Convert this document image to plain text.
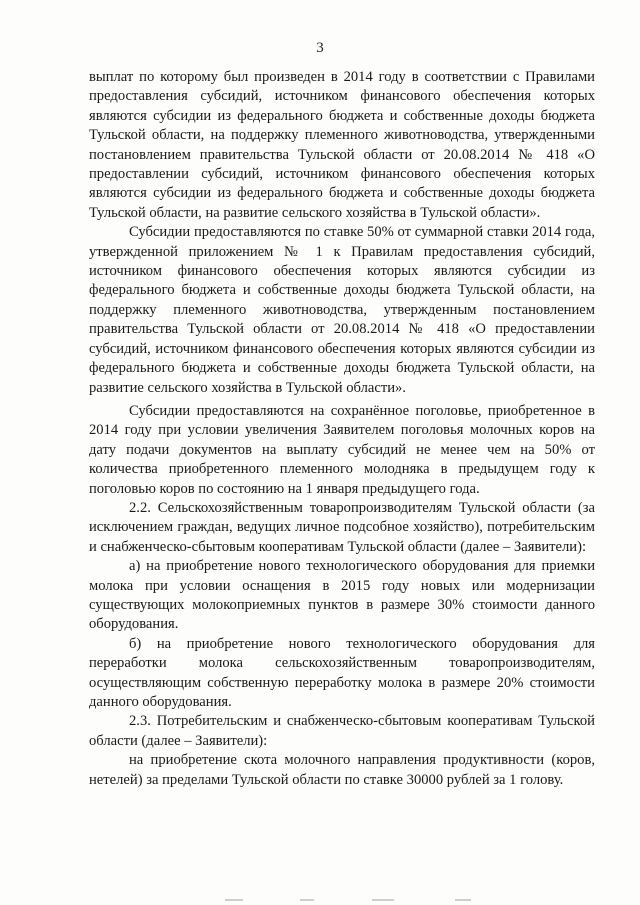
3

выплат по которому был произведен в 2014 году в соответствии с Правилами предоставления субсидий, источником финансового обеспечения которых являются субсидии из федерального бюджета и собственные доходы бюджета Тульской области, на поддержку племенного животноводства, утвержденными постановлением правительства Тульской области от 20.08.2014 № 418 «О предоставлении субсидий, источником финансового обеспечения которых являются субсидии из федерального бюджета и собственные доходы бюджета Тульской области, на развитие сельского хозяйства в Тульской области».

Субсидии предоставляются по ставке 50% от суммарной ставки 2014 года, утвержденной приложением № 1 к Правилам предоставления субсидий, источником финансового обеспечения которых являются субсидии из федерального бюджета и собственные доходы бюджета Тульской области, на поддержку племенного животноводства, утвержденным постановлением правительства Тульской области от 20.08.2014 № 418 «О предоставлении субсидий, источником финансового обеспечения которых являются субсидии из федерального бюджета и собственные доходы бюджета Тульской области, на развитие сельского хозяйства в Тульской области».

Субсидии предоставляются на сохранённое поголовье, приобретенное в 2014 году при условии увеличения Заявителем поголовья молочных коров на дату подачи документов на выплату субсидий не менее чем на 50% от количества приобретенного племенного молодняка в предыдущем году к поголовью коров по состоянию на 1 января предыдущего года.

2.2. Сельскохозяйственным товаропроизводителям Тульской области (за исключением граждан, ведущих личное подсобное хозяйство), потребительским и снабженческо-сбытовым кооперативам Тульской области (далее – Заявители):

а) на приобретение нового технологического оборудования для приемки молока при условии оснащения в 2015 году новых или модернизации существующих молокоприемных пунктов в размере 30% стоимости данного оборудования.

б) на приобретение нового технологического оборудования для переработки молока сельскохозяйственным товаропроизводителям, осуществляющим собственную переработку молока в размере 20% стоимости данного оборудования.

2.3. Потребительским и снабженческо-сбытовым кооперативам Тульской области (далее – Заявители):

на приобретение скота молочного направления продуктивности (коров, нетелей) за пределами Тульской области по ставке 30000 рублей за 1 голову.
